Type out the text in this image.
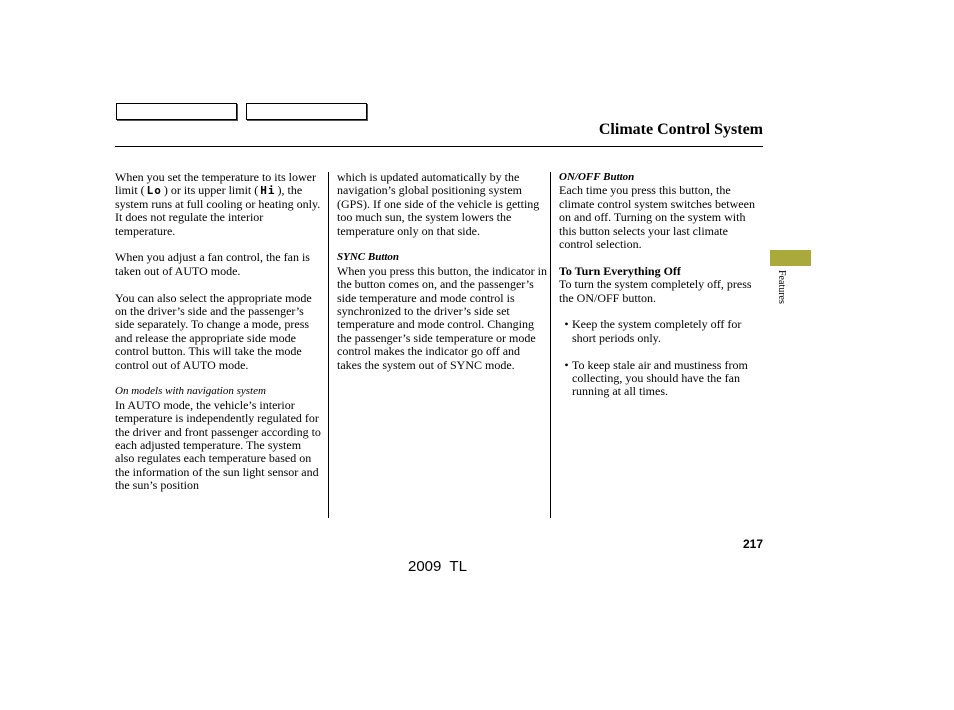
Climate Control System

When you set the temperature to its lower limit ( Lo ) or its upper limit ( Hi ), the system runs at full cooling or heating only. It does not regulate the interior temperature.

When you adjust a fan control, the fan is taken out of AUTO mode.

You can also select the appropriate mode on the driver’s side and the passenger’s side separately. To change a mode, press and release the appropriate side mode control button. This will take the mode control out of AUTO mode.

On models with navigation system

In AUTO mode, the vehicle’s interior temperature is independently regulated for the driver and front passenger according to each adjusted temperature. The system also regulates each temperature based on the information of the sun light sensor and the sun’s position

which is updated automatically by the navigation’s global positioning system (GPS). If one side of the vehicle is getting too much sun, the system lowers the temperature only on that side.

SYNC Button

When you press this button, the indicator in the button comes on, and the passenger’s side temperature and mode control is synchronized to the driver’s side set temperature and mode control. Changing the passenger’s side temperature or mode control makes the indicator go off and takes the system out of SYNC mode.

ON/OFF Button

Each time you press this button, the climate control system switches between on and off. Turning on the system with this button selects your last climate control selection.

To Turn Everything Off

To turn the system completely off, press the ON/OFF button.

• Keep the system completely off for short periods only.
• To keep stale air and mustiness from collecting, you should have the fan running at all times.
Features
217
2009  TL
